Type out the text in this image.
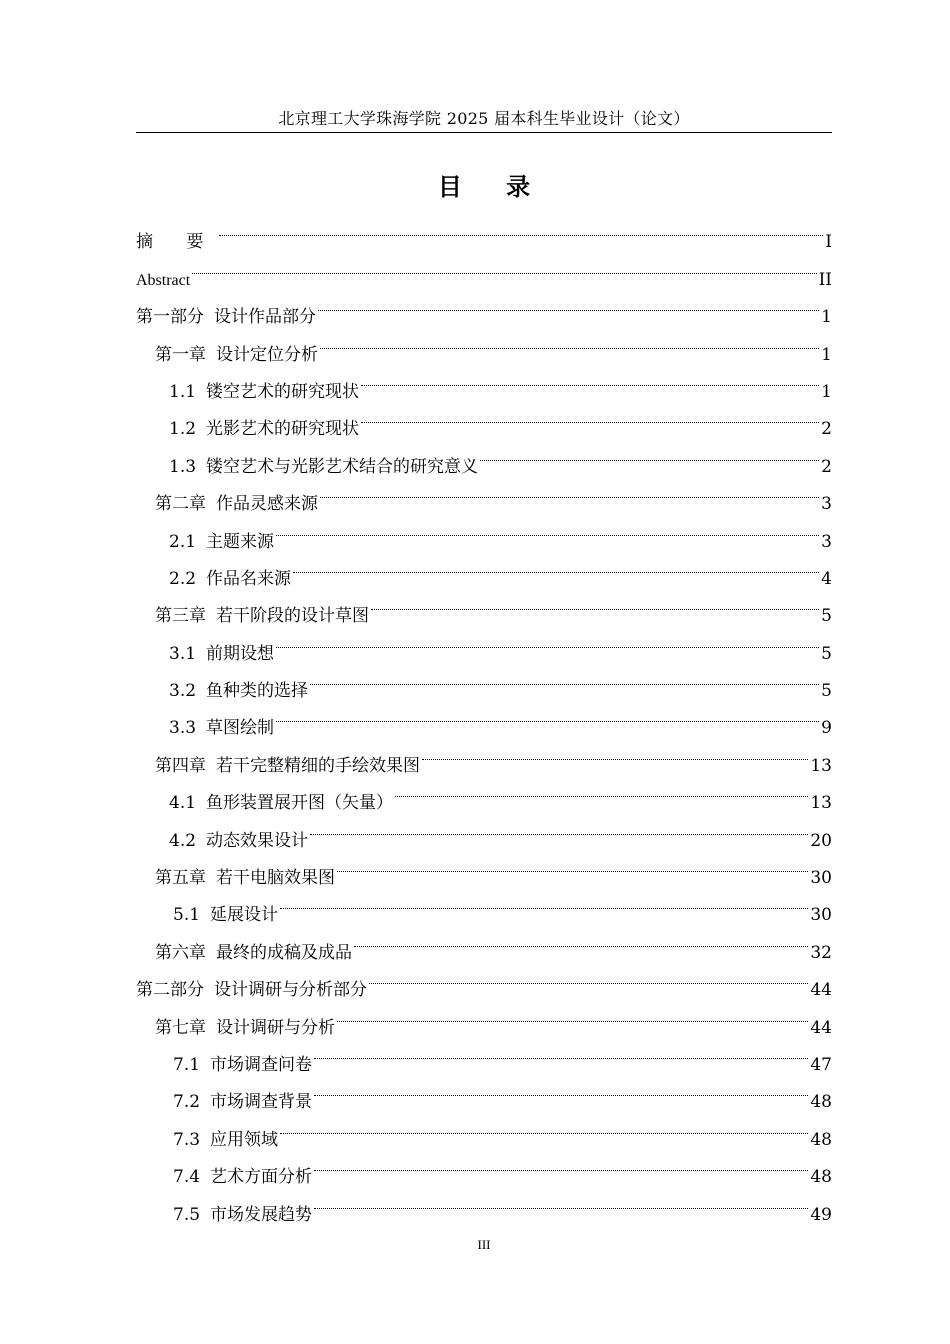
北京理工大学珠海学院 2025 届本科生毕业设计（论文）
目 录
摘 要	I
Abstract	II
第一部分 设计作品部分	1
第一章 设计定位分析	1
1.1 镂空艺术的研究现状	1
1.2 光影艺术的研究现状	2
1.3 镂空艺术与光影艺术结合的研究意义	2
第二章 作品灵感来源	3
2.1 主题来源	3
2.2 作品名来源	4
第三章 若干阶段的设计草图	5
3.1 前期设想	5
3.2 鱼种类的选择	5
3.3 草图绘制	9
第四章 若干完整精细的手绘效果图	13
4.1 鱼形装置展开图（矢量）	13
4.2 动态效果设计	20
第五章 若干电脑效果图	30
5.1 延展设计	30
第六章 最终的成稿及成品	32
第二部分 设计调研与分析部分	44
第七章 设计调研与分析	44
7.1 市场调查问卷	47
7.2 市场调查背景	48
7.3 应用领域	48
7.4 艺术方面分析	48
7.5 市场发展趋势	49
III
